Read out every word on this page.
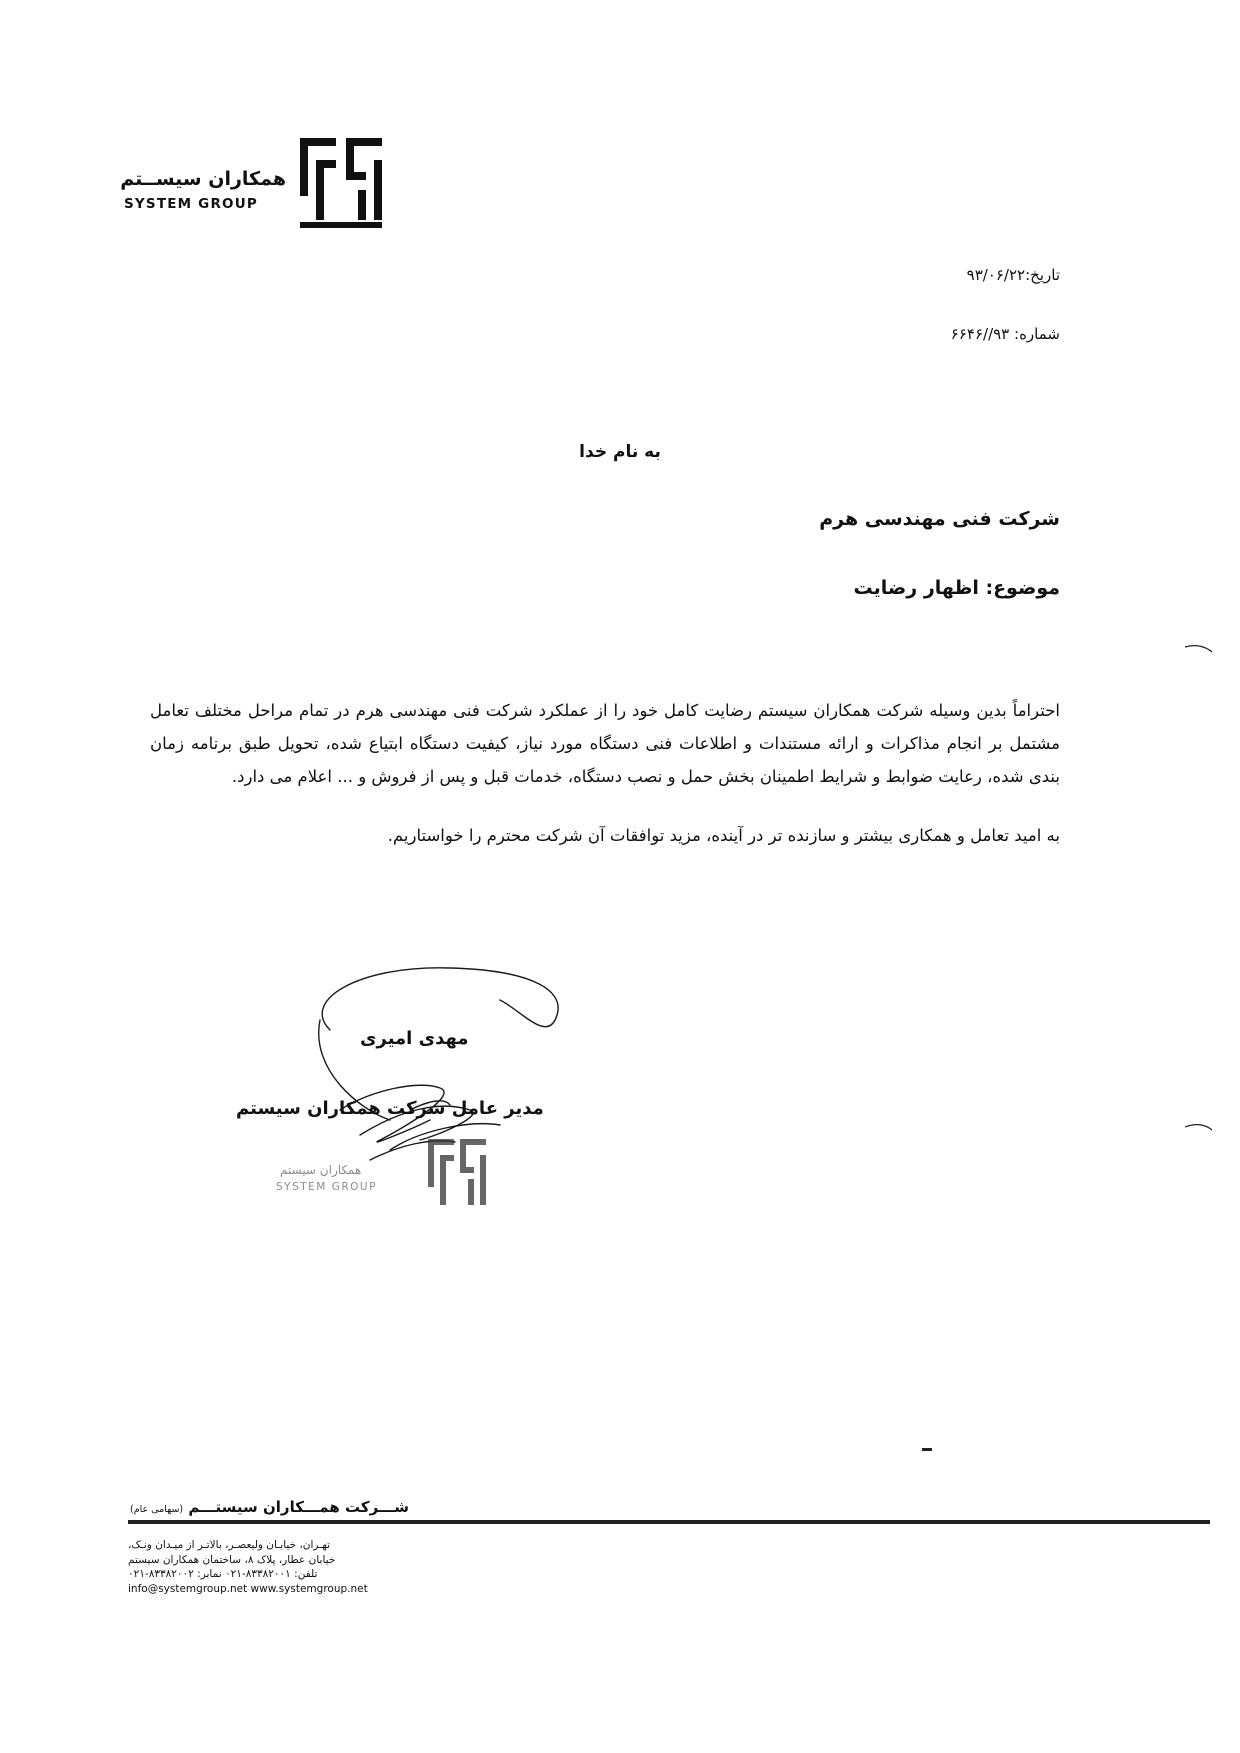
همکاران سیســتم
SYSTEM GROUP
تاریخ:۹۳/۰۶/۲۲
شماره: ۹۳//۶۶۴۶
به نام خدا
شرکت فنی مهندسی هرم
موضوع: اظهار رضایت

احتراماً بدین وسیله شرکت همکاران سیستم رضایت کامل خود را از عملکرد شرکت فنی مهندسی هرم در تمام مراحل مختلف تعامل مشتمل بر انجام مذاکرات و ارائه مستندات و اطلاعات فنی دستگاه مورد نیاز، کیفیت دستگاه ابتیاع شده، تحویل طبق برنامه زمان بندی شده، رعایت ضوابط و شرایط اطمینان بخش حمل و نصب دستگاه، خدمات قبل و پس از فروش و ... اعلام می دارد.

به امید تعامل و همکاری بیشتر و سازنده تر در آینده، مزید توافقات آن شرکت محترم را خواستاریم.

مهدی امیری
مدیر عامل شرکت همکاران سیستم
همکاران سیستم
SYSTEM GROUP
شـــرکت همـــکاران سیستـــم (سهامی عام)
تهـران، خیابـان ولیعصـر، بالاتـر از میـدان ونـک،
خیابان عطار، پلاک ۸، ساختمان همکاران سیستم
تلفن: ۸۳۳۸۲۰۰۱-۰۲۱ نمابر: ۸۳۳۸۲۰۰۲-۰۲۱
info@systemgroup.net www.systemgroup.net
